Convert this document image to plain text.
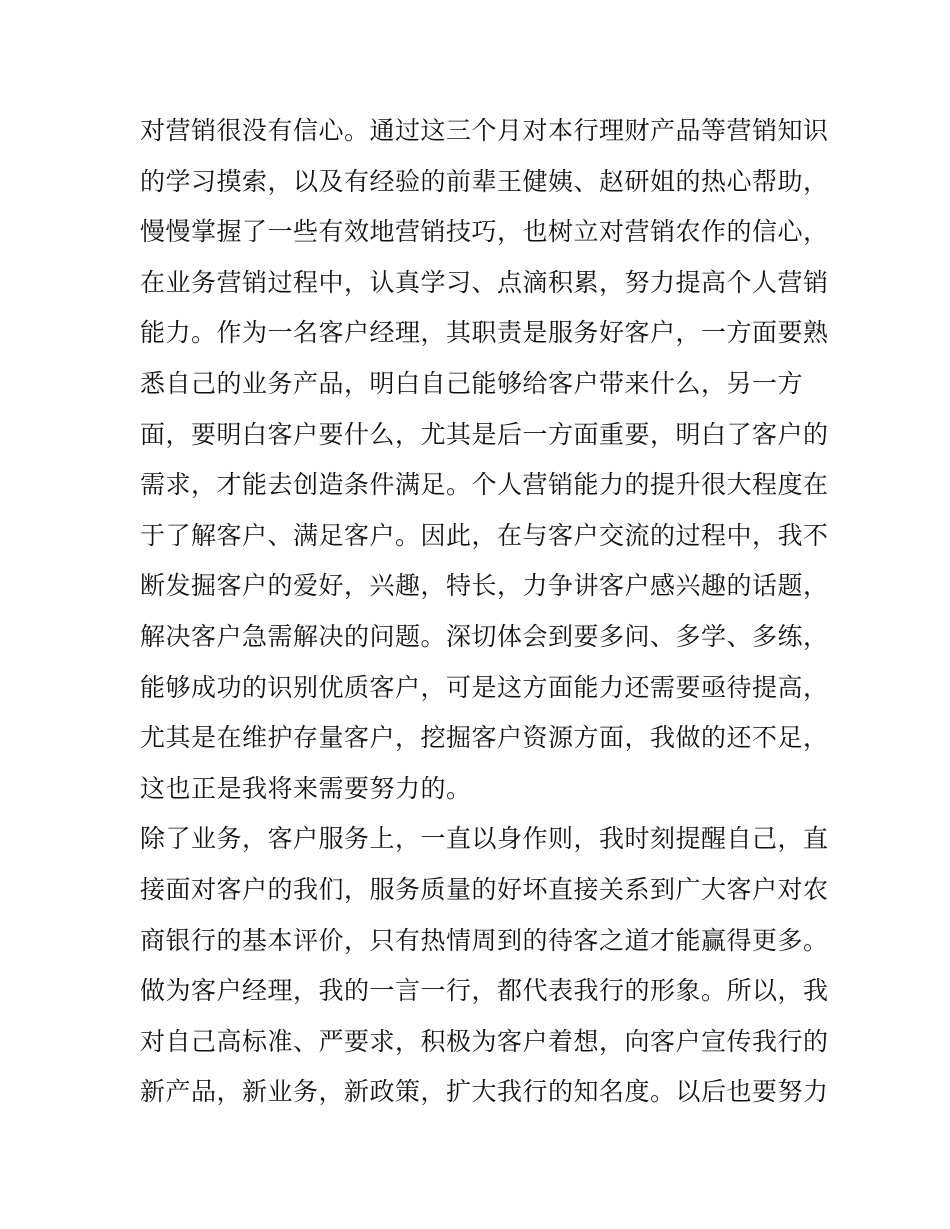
对营销很没有信心。通过这三个月对本行理财产品等营销知识
的学习摸索，以及有经验的前辈王健姨、赵研姐的热心帮助，
慢慢掌握了一些有效地营销技巧，也树立对营销农作的信心，
在业务营销过程中，认真学习、点滴积累，努力提高个人营销
能力。作为一名客户经理，其职责是服务好客户，一方面要熟
悉自己的业务产品，明白自己能够给客户带来什么，另一方
面，要明白客户要什么，尤其是后一方面重要，明白了客户的
需求，才能去创造条件满足。个人营销能力的提升很大程度在
于了解客户、满足客户。因此，在与客户交流的过程中，我不
断发掘客户的爱好，兴趣，特长，力争讲客户感兴趣的话题，
解决客户急需解决的问题。深切体会到要多问、多学、多练，
能够成功的识别优质客户，可是这方面能力还需要亟待提高，
尤其是在维护存量客户，挖掘客户资源方面，我做的还不足，
这也正是我将来需要努力的。
除了业务，客户服务上，一直以身作则，我时刻提醒自己，直
接面对客户的我们，服务质量的好坏直接关系到广大客户对农
商银行的基本评价，只有热情周到的待客之道才能赢得更多。
做为客户经理，我的一言一行，都代表我行的形象。所以，我
对自己高标准、严要求，积极为客户着想，向客户宣传我行的
新产品，新业务，新政策，扩大我行的知名度。以后也要努力
